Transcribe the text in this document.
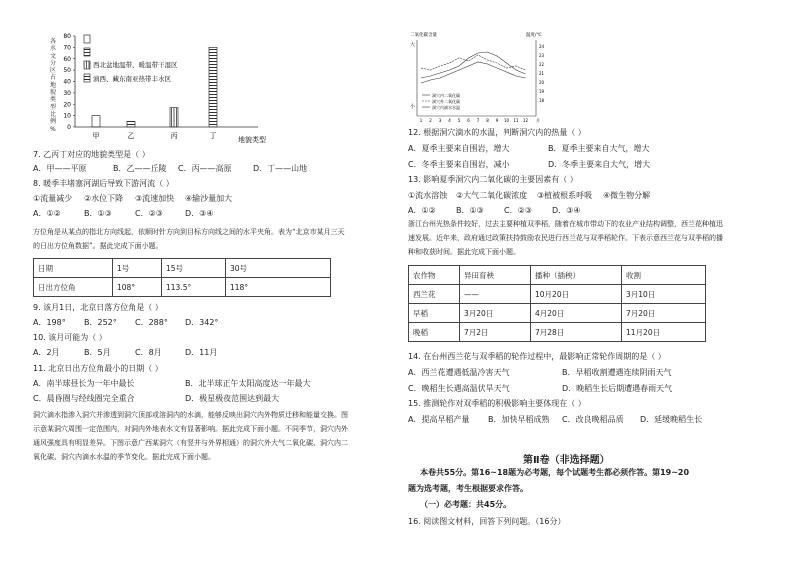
各
水
文
分
区
占
地
貌
类
型
比
例
%
80
70
60
50
40
30
20
10
0
甲	乙	丙	丁	地貌类型
西北盆地温带、暖温带干湿区
滇西、藏东南亚热带丰水区
7. 乙丙丁对应的地貌类型是（ ）
A．甲——平原	B．乙——丘陵 C．丙——高原	D．丁——山地
8. 暖季丰堵塞河湖后导致下游河流（ ）
①流量减少 ②水位下降 ③流速加快 ④输沙量加大
A．①②	B．①③	C．②③	D．③④
方位角是从某点的指北方向线起，依顺时针方向到目标方向线之间的水平夹角。表为“北京市某月三天的日出方位角数据”。据此完成下面小题。
日期	1号	15号	30号
日出方位角	108°	113.5°	118°
9. 该月1日，北京日落方位角是（ ）
A．198° B．252° C．288° D．342°
10. 该月可能为（ ）
A．2月	B．5月	C．8月	D．11月
11. 北京日出方位角最小的日期（ ）
A．南半球昼长为一年中最长	B．北半球正午太阳高度达一年最大
C．晨昏圈与经线圈完全重合	D．极星极夜范围达到最大
洞穴滴水指渗入洞穴并渗透到洞穴顶部或溶洞内的水滴，能够反映出洞穴内外物质迁移和能量交换。图示意某洞穴周围一定范围内，对洞内外地表水文有显著影响。据此完成下面小题。不同季节，洞穴内外通风强度具有明显差异。下图示意广西某洞穴（有竖井与外界相通）的洞穴外大气二氧化碳、洞穴内二氧化碳、洞穴内滴水水温的季节变化。据此完成下面小题。
二氧化碳含量	温度/℃
大
小
1 2 3 4 5 6 7 8 9 10 11 12 月
24
23
22
21
20
19
18
洞穴内二氧化碳
洞穴外二氧化碳
洞穴内滴水水温
12. 根据洞穴滴水的水温，判断洞穴内的热量（ ）
A．夏季主要来自围岩，增大	B．夏季主要来自大气，增大
C．冬季主要来自围岩，减小	D．冬季主要来自大气，增大
13. 影响夏季洞穴内二氧化碳的主要因素有（ ）
①流水溶蚀 ②大气二氧化碳浓度 ③植被根系呼吸 ④微生物分解
A．①②	B．①③	C．②③	D．③④
浙江台州光热条件较好，过去主要种植双季稻，随着在城市带动下的农业产业结构调整，西兰花种植迅速发展。近年来，政府通过政策扶持鼓励农民进行西兰花与双季稻轮作。下表示意西兰花与双季稻的播种和收获时间。据此完成下面小题。
农作物	异田育秧	播种（插秧）	收割
西兰花	——	10月20日	3月10日
早稻	3月20日	4月20日	7月20日
晚稻	7月2日	7月28日	11月20日
14. 在台州西兰花与双季稻的轮作过程中，最影响正常轮作周期的是（ ）
A．西兰花遭遇低温冷害天气	B．早稻收割遭遇连续阴雨天气
C．晚稻生长遇高温伏旱天气	D．晚稻生长后期遭遇春雨天气
15. 推测轮作对双季稻的积极影响主要体现在（ ）
A．提高早稻产量 B．加快早稻成熟 C．改良晚稻品质 D．延缓晚稻生长
第Ⅱ卷（非选择题）
本卷共55分。第16~18题为必考题，每个试题考生都必须作答。第19~20
题为选考题，考生根据要求作答。
（一）必考题：共45分。
16. 阅读图文材料，回答下列问题。（16分）
